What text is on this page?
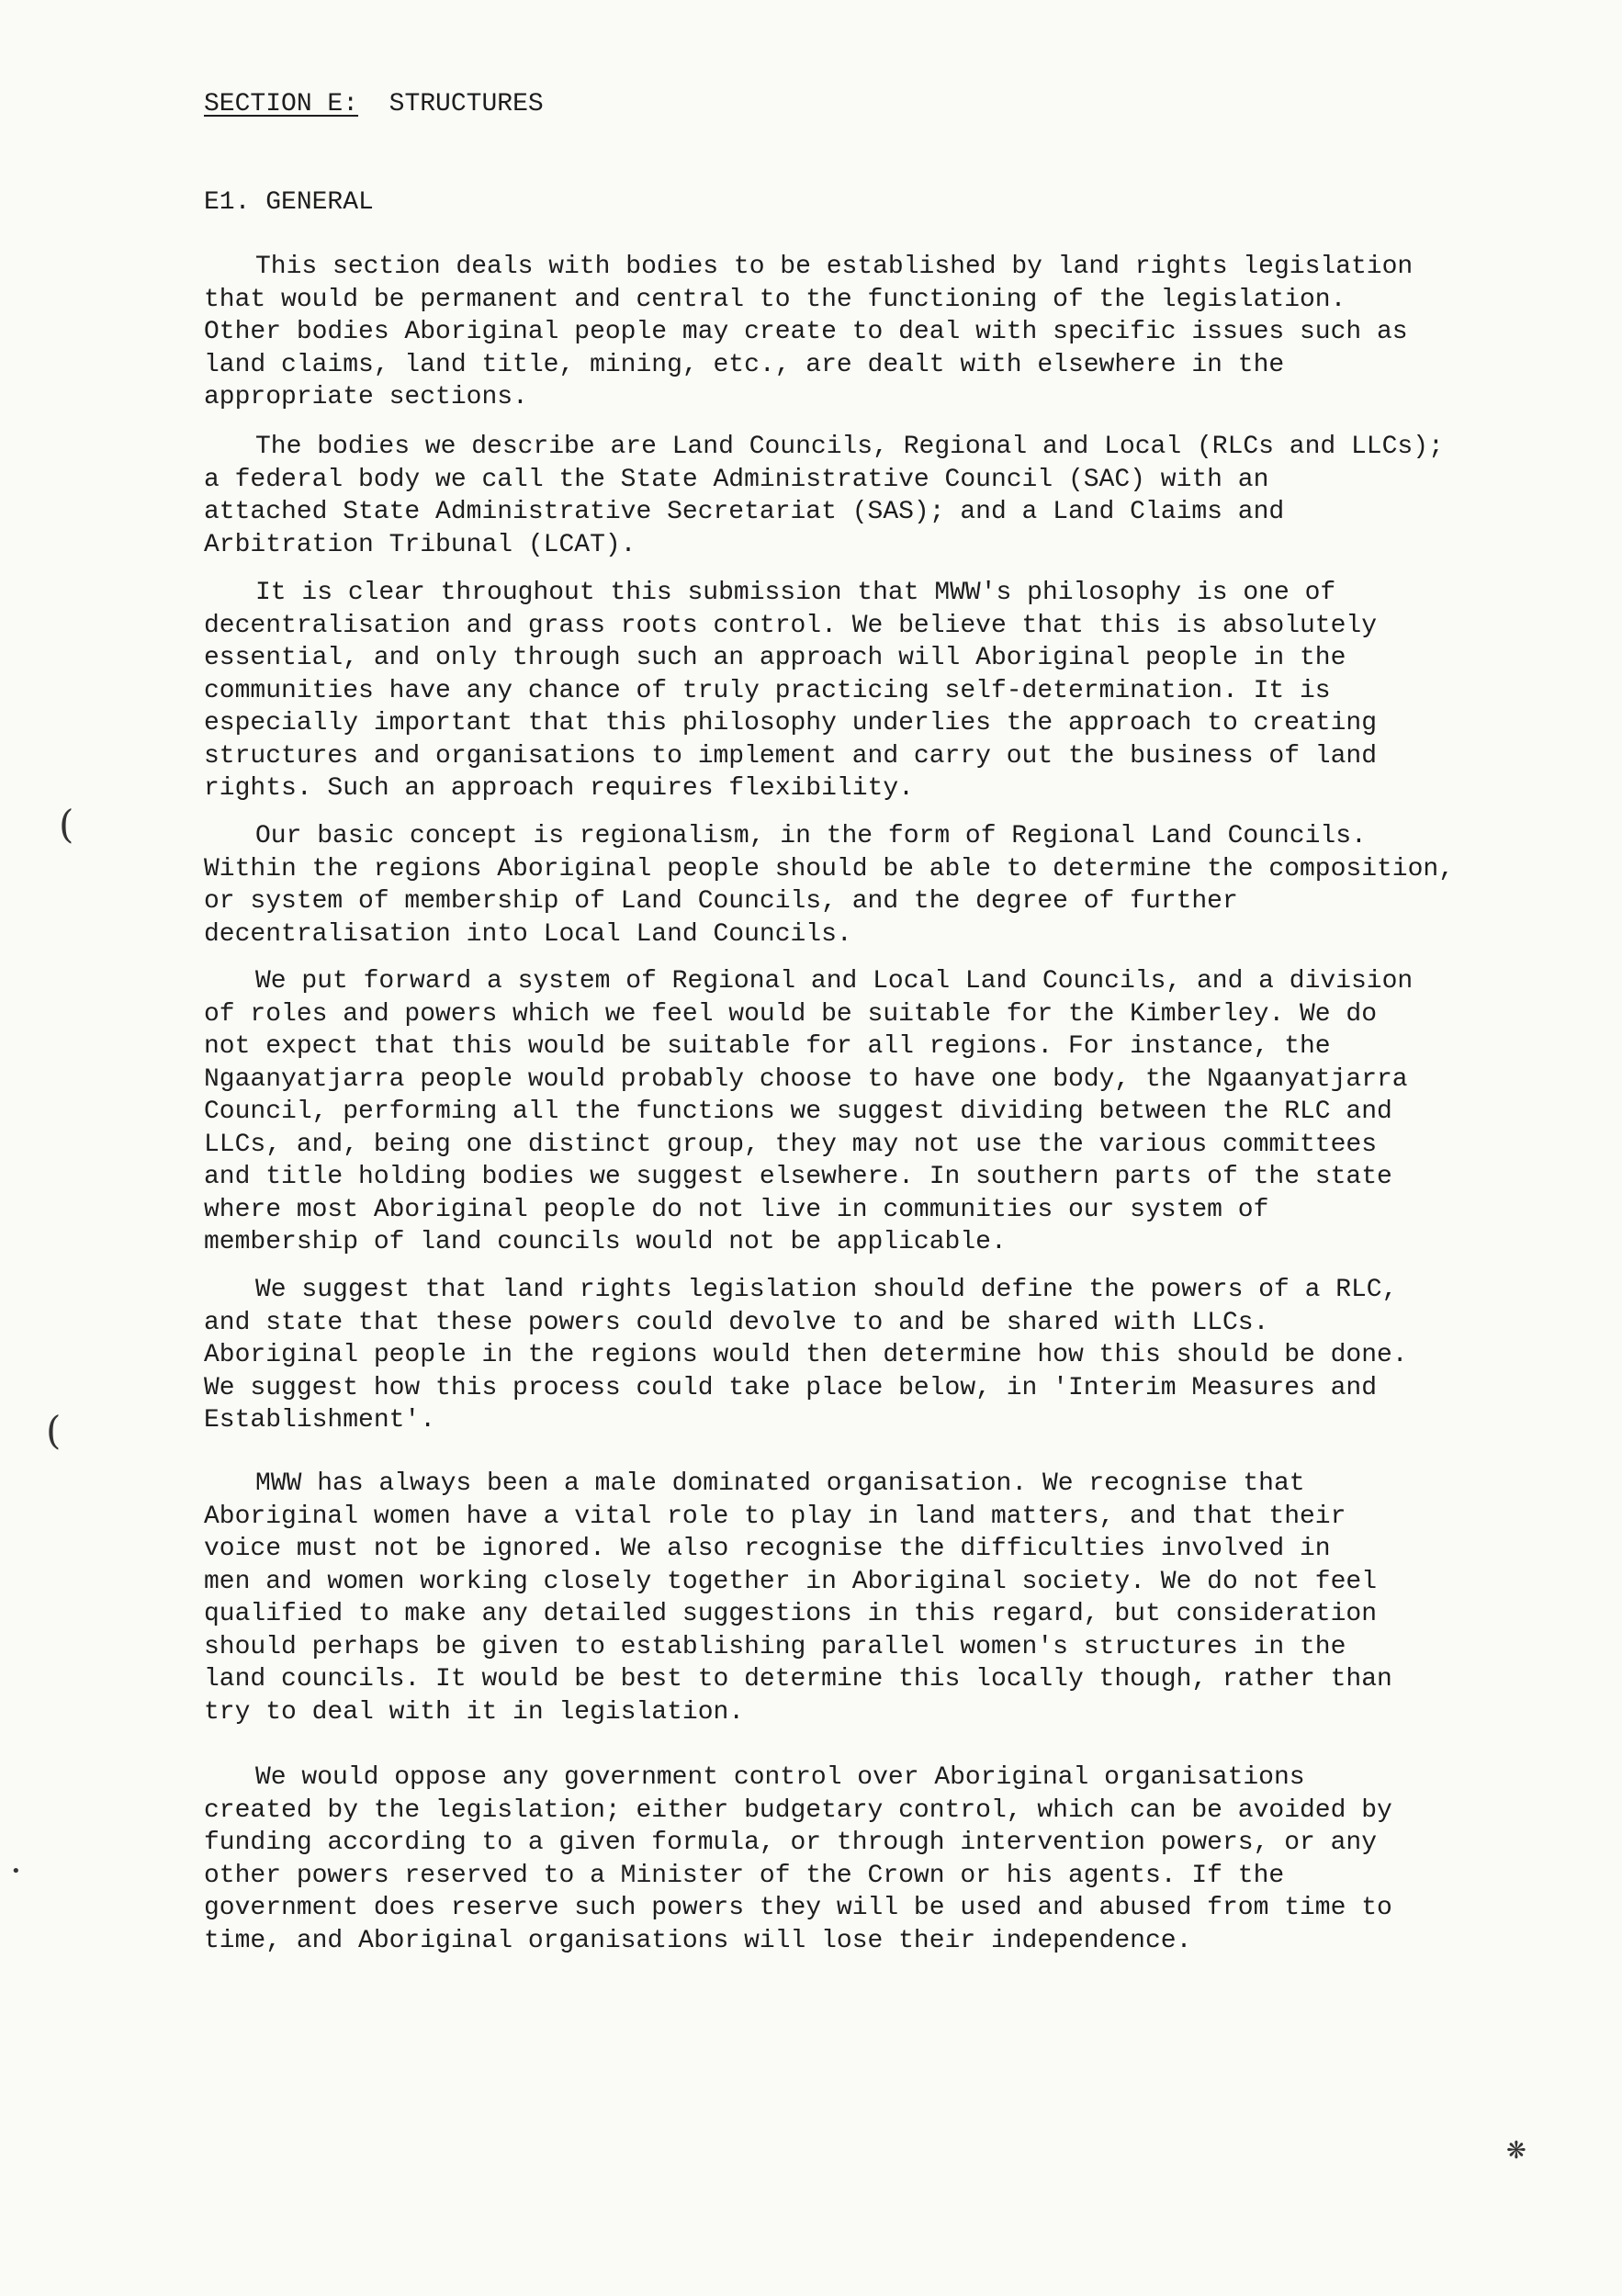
SECTION E: STRUCTURES
E1. GENERAL
This section deals with bodies to be established by land rights legislation
that would be permanent and central to the functioning of the legislation.
Other bodies Aboriginal people may create to deal with specific issues such as
land claims, land title, mining, etc., are dealt with elsewhere in the
appropriate sections.
The bodies we describe are Land Councils, Regional and Local (RLCs and LLCs);
a federal body we call the State Administrative Council (SAC) with an
attached State Administrative Secretariat (SAS); and a Land Claims and
Arbitration Tribunal (LCAT).
It is clear throughout this submission that MWW's philosophy is one of
decentralisation and grass roots control. We believe that this is absolutely
essential, and only through such an approach will Aboriginal people in the
communities have any chance of truly practicing self-determination. It is
especially important that this philosophy underlies the approach to creating
structures and organisations to implement and carry out the business of land
rights. Such an approach requires flexibility.
Our basic concept is regionalism, in the form of Regional Land Councils.
Within the regions Aboriginal people should be able to determine the composition,
or system of membership of Land Councils, and the degree of further
decentralisation into Local Land Councils.
We put forward a system of Regional and Local Land Councils, and a division
of roles and powers which we feel would be suitable for the Kimberley. We do
not expect that this would be suitable for all regions. For instance, the
Ngaanyatjarra people would probably choose to have one body, the Ngaanyatjarra
Council, performing all the functions we suggest dividing between the RLC and
LLCs, and, being one distinct group, they may not use the various committees
and title holding bodies we suggest elsewhere. In southern parts of the state
where most Aboriginal people do not live in communities our system of
membership of land councils would not be applicable.
We suggest that land rights legislation should define the powers of a RLC,
and state that these powers could devolve to and be shared with LLCs.
Aboriginal people in the regions would then determine how this should be done.
We suggest how this process could take place below, in 'Interim Measures and
Establishment'.
MWW has always been a male dominated organisation. We recognise that
Aboriginal women have a vital role to play in land matters, and that their
voice must not be ignored. We also recognise the difficulties involved in
men and women working closely together in Aboriginal society. We do not feel
qualified to make any detailed suggestions in this regard, but consideration
should perhaps be given to establishing parallel women's structures in the
land councils. It would be best to determine this locally though, rather than
try to deal with it in legislation.
We would oppose any government control over Aboriginal organisations
created by the legislation; either budgetary control, which can be avoided by
funding according to a given formula, or through intervention powers, or any
other powers reserved to a Minister of the Crown or his agents. If the
government does reserve such powers they will be used and abused from time to
time, and Aboriginal organisations will lose their independence.
(
(
•
❋
